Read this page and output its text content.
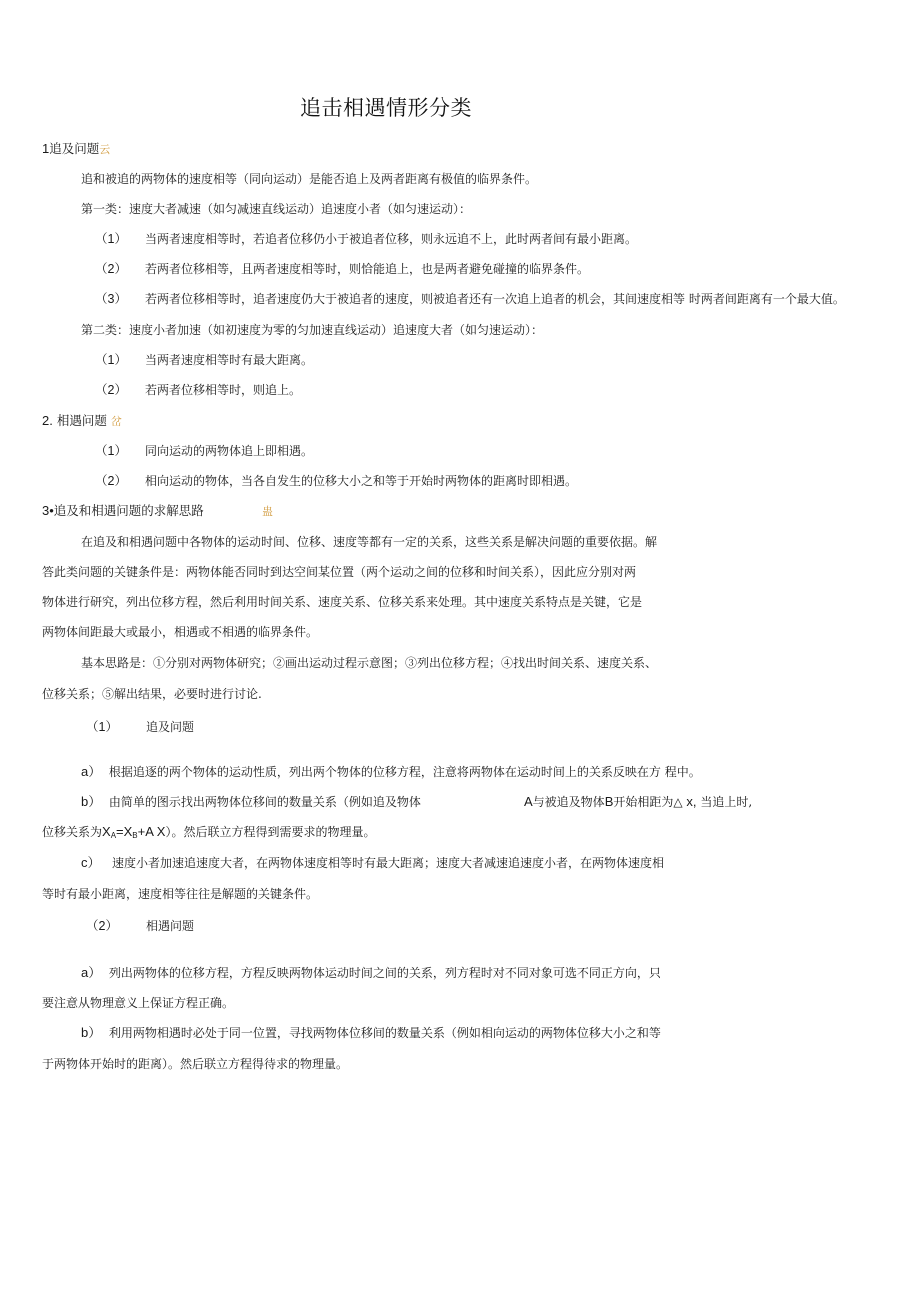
追击相遇情形分类
1追及问题云
追和被追的两物体的速度相等（同向运动）是能否追上及两者距离有极值的临界条件。
第一类：速度大者减速（如匀减速直线运动）追速度小者（如匀速运动）：
（1） 当两者速度相等时，若追者位移仍小于被追者位移，则永远追不上，此时两者间有最小距离。
（2） 若两者位移相等，且两者速度相等时，则恰能追上，也是两者避免碰撞的临界条件。
（3） 若两者位移相等时，追者速度仍大于被追者的速度，则被追者还有一次追上追者的机会，其间速度相等 时两者间距离有一个最大值。
第二类：速度小者加速（如初速度为零的匀加速直线运动）追速度大者（如匀速运动）：
（1） 当两者速度相等时有最大距离。
（2） 若两者位移相等时，则追上。
2. 相遇问题 岔
（1） 同向运动的两物体追上即相遇。
（2） 相向运动的物体，当各自发生的位移大小之和等于开始时两物体的距离时即相遇。
3•追及和相遇问题的求解思路	蛊
在追及和相遇问题中各物体的运动时间、位移、速度等都有一定的关系，这些关系是解决问题的重要依据。解
答此类问题的关键条件是：两物体能否同时到达空间某位置（两个运动之间的位移和时间关系），因此应分别对两
物体进行研究，列出位移方程，然后利用时间关系、速度关系、位移关系来处理。其中速度关系特点是关键，它是
两物体间距最大或最小，相遇或不相遇的临界条件。
基本思路是：①分别对两物体研究；②画出运动过程示意图；③列出位移方程；④找出时间关系、速度关系、
位移关系；⑤解出结果，必要时进行讨论.
（1） 追及问题
a） 根据追逐的两个物体的运动性质，列出两个物体的位移方程，注意将两物体在运动时间上的关系反映在方 程中。
b） 由简单的图示找出两物体位移间的数量关系（例如追及物体	A与被追及物体B开始相距为△ x, 当追上时,
位移关系为$X_A=X_B+A$ X）。然后联立方程得到需要求的物理量。
c） 速度小者加速追速度大者，在两物体速度相等时有最大距离；速度大者减速追速度小者，在两物体速度相
等时有最小距离，速度相等往往是解题的关键条件。
（2） 相遇问题
a） 列出两物体的位移方程，方程反映两物体运动时间之间的关系，列方程时对不同对象可选不同正方向，只
要注意从物理意义上保证方程正确。
b） 利用两物相遇时必处于同一位置，寻找两物体位移间的数量关系（例如相向运动的两物体位移大小之和等
于两物体开始时的距离）。然后联立方程得待求的物理量。
